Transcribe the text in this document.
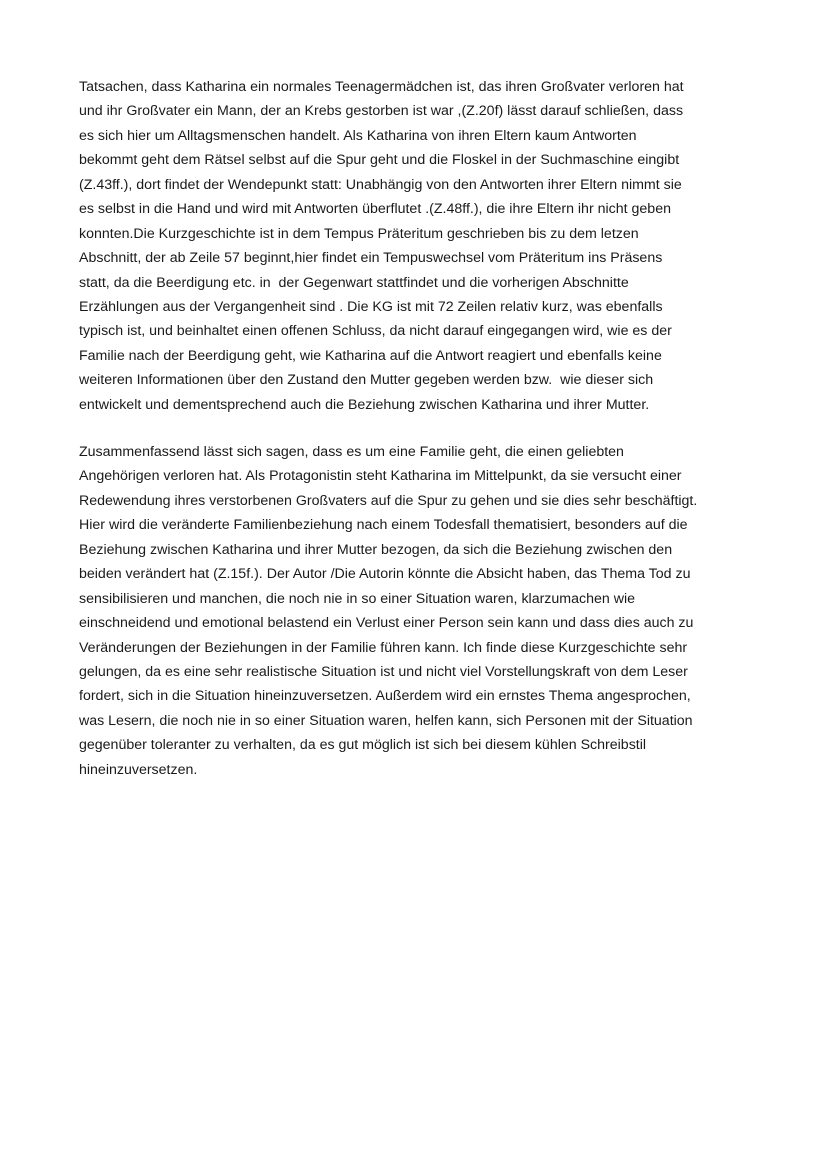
Tatsachen, dass Katharina ein normales Teenagermädchen ist, das ihren Großvater verloren hat
und ihr Großvater ein Mann, der an Krebs gestorben ist war ,(Z.20f) lässt darauf schließen, dass
es sich hier um Alltagsmenschen handelt. Als Katharina von ihren Eltern kaum Antworten
bekommt geht dem Rätsel selbst auf die Spur geht und die Floskel in der Suchmaschine eingibt
(Z.43ff.), dort findet der Wendepunkt statt: Unabhängig von den Antworten ihrer Eltern nimmt sie
es selbst in die Hand und wird mit Antworten überflutet .(Z.48ff.), die ihre Eltern ihr nicht geben
konnten.Die Kurzgeschichte ist in dem Tempus Präteritum geschrieben bis zu dem letzen
Abschnitt, der ab Zeile 57 beginnt,hier findet ein Tempuswechsel vom Präteritum ins Präsens
statt, da die Beerdigung etc. in  der Gegenwart stattfindet und die vorherigen Abschnitte
Erzählungen aus der Vergangenheit sind . Die KG ist mit 72 Zeilen relativ kurz, was ebenfalls
typisch ist, und beinhaltet einen offenen Schluss, da nicht darauf eingegangen wird, wie es der
Familie nach der Beerdigung geht, wie Katharina auf die Antwort reagiert und ebenfalls keine
weiteren Informationen über den Zustand den Mutter gegeben werden bzw.  wie dieser sich
entwickelt und dementsprechend auch die Beziehung zwischen Katharina und ihrer Mutter.
Zusammenfassend lässt sich sagen, dass es um eine Familie geht, die einen geliebten
Angehörigen verloren hat. Als Protagonistin steht Katharina im Mittelpunkt, da sie versucht einer
Redewendung ihres verstorbenen Großvaters auf die Spur zu gehen und sie dies sehr beschäftigt.
Hier wird die veränderte Familienbeziehung nach einem Todesfall thematisiert, besonders auf die
Beziehung zwischen Katharina und ihrer Mutter bezogen, da sich die Beziehung zwischen den
beiden verändert hat (Z.15f.). Der Autor /Die Autorin könnte die Absicht haben, das Thema Tod zu
sensibilisieren und manchen, die noch nie in so einer Situation waren, klarzumachen wie
einschneidend und emotional belastend ein Verlust einer Person sein kann und dass dies auch zu
Veränderungen der Beziehungen in der Familie führen kann. Ich finde diese Kurzgeschichte sehr
gelungen, da es eine sehr realistische Situation ist und nicht viel Vorstellungskraft von dem Leser
fordert, sich in die Situation hineinzuversetzen. Außerdem wird ein ernstes Thema angesprochen,
was Lesern, die noch nie in so einer Situation waren, helfen kann, sich Personen mit der Situation
gegenüber toleranter zu verhalten, da es gut möglich ist sich bei diesem kühlen Schreibstil
hineinzuversetzen.
